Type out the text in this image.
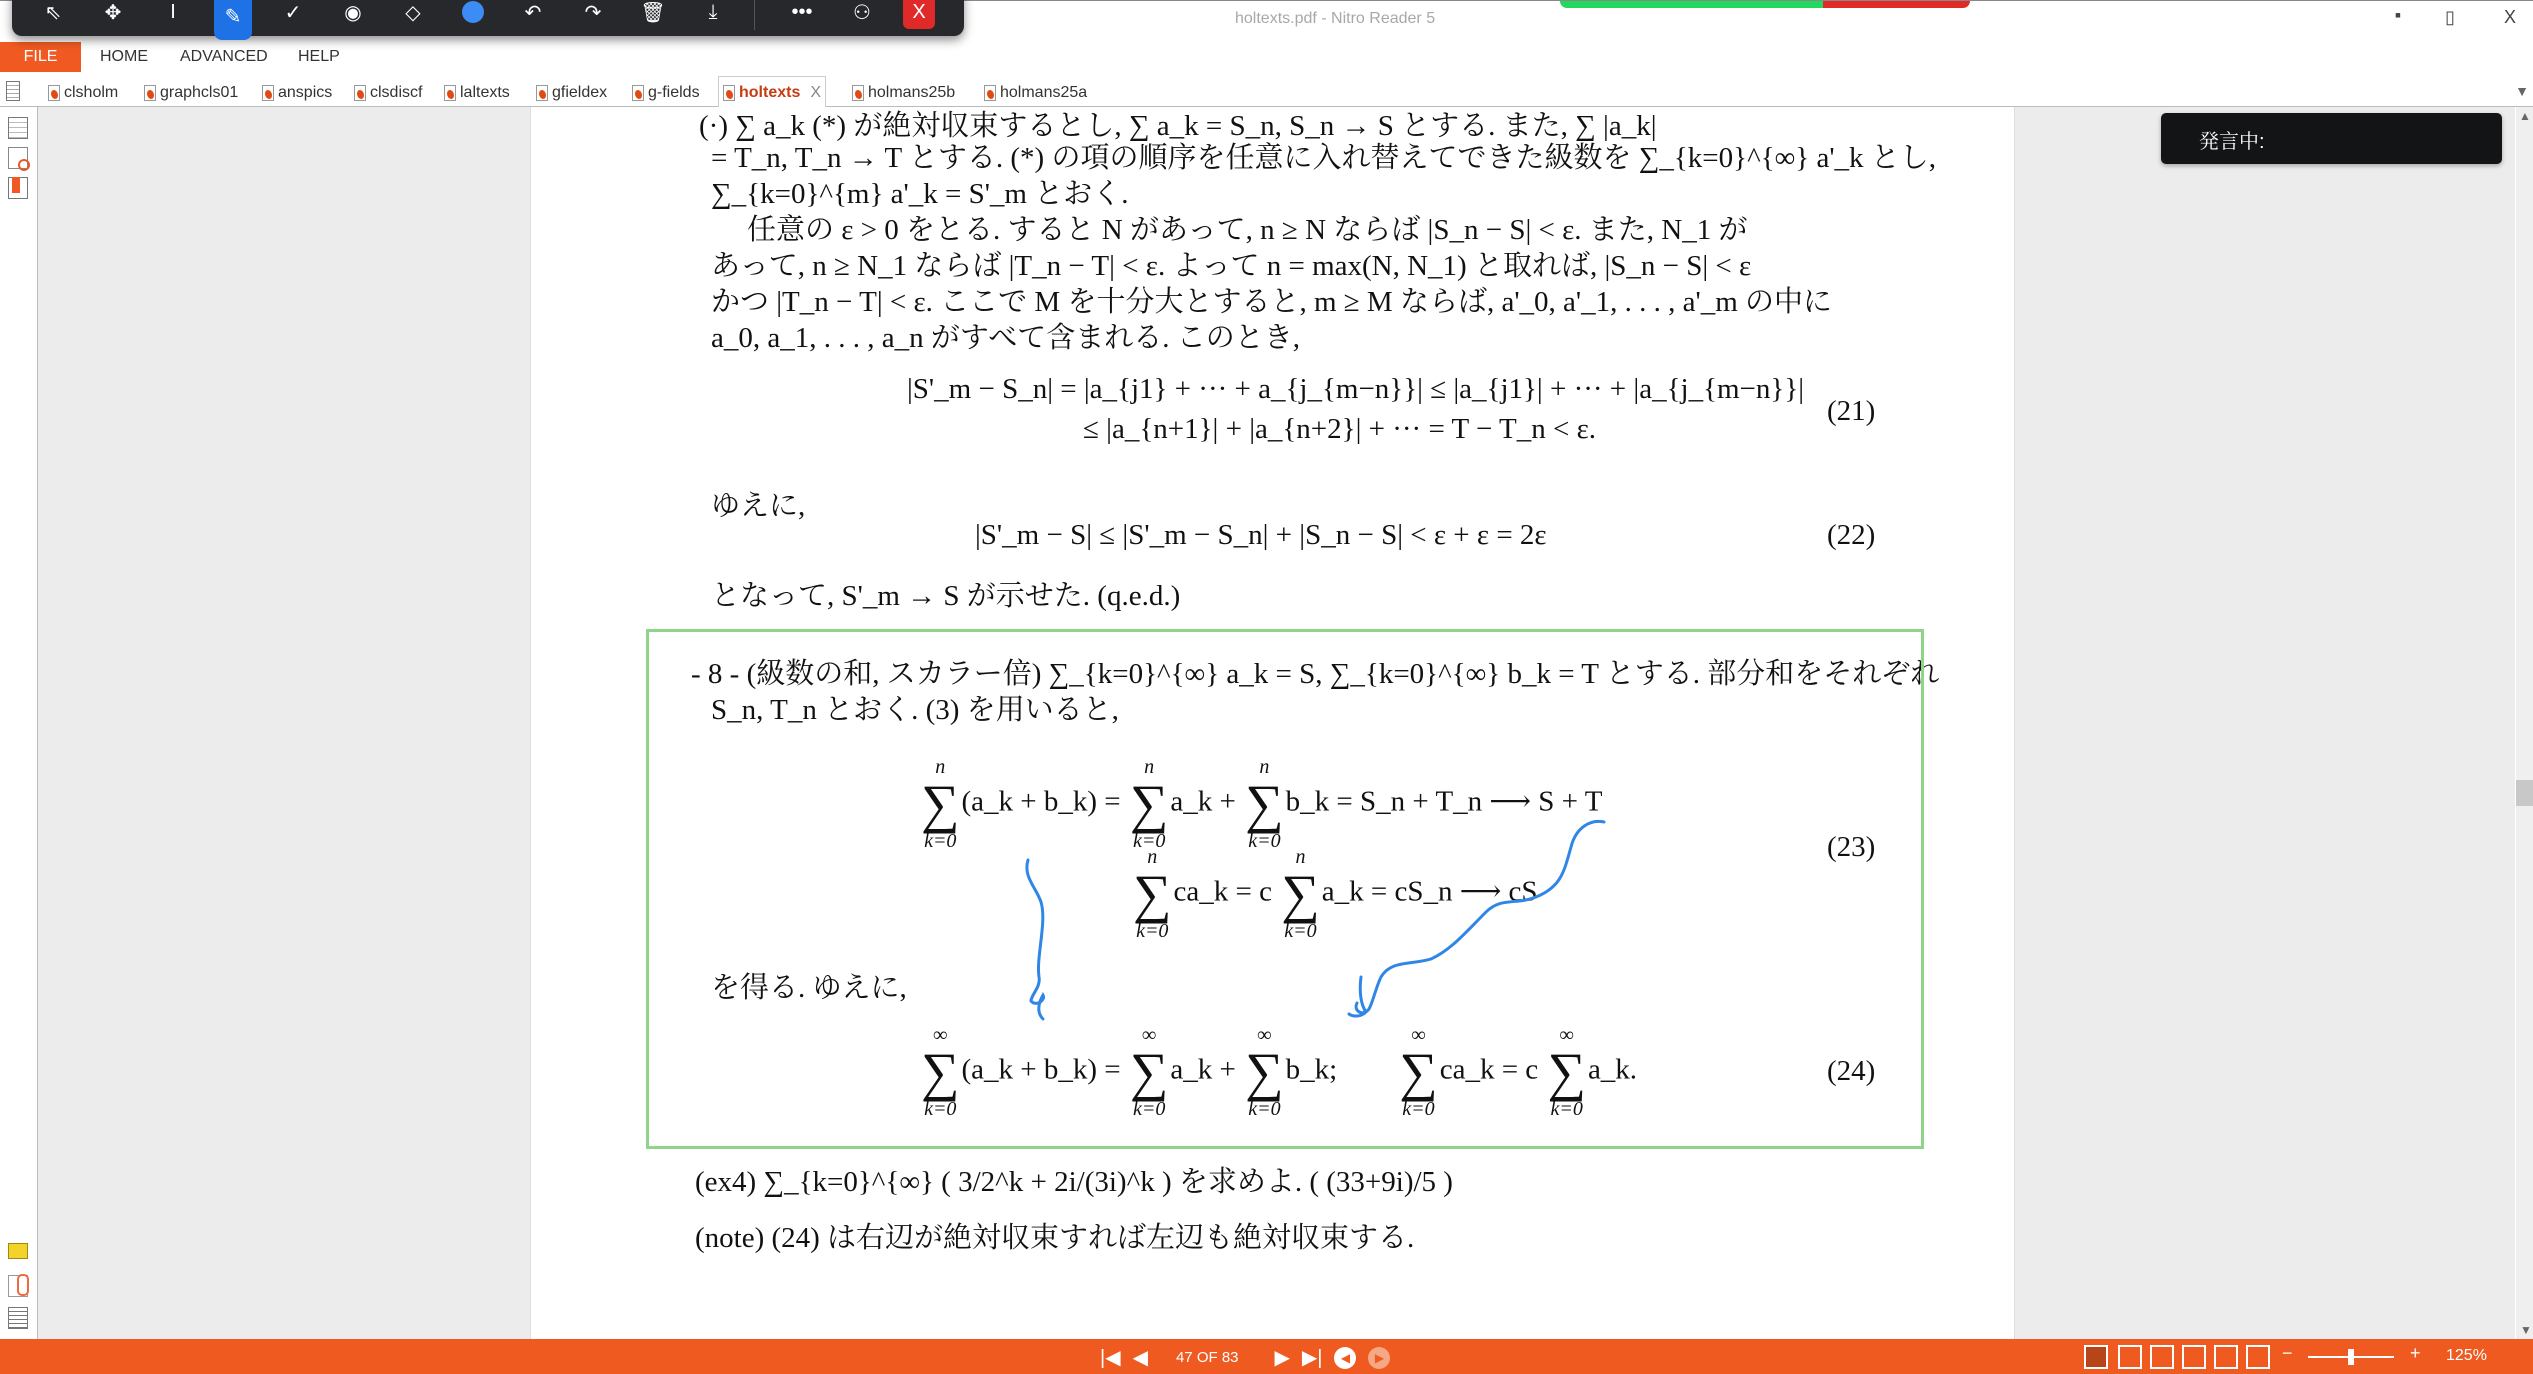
holtexts.pdf - Nitro Reader 5	▪	▯	X
⇖	✥	I	✎	✓	◉	◇	↶	↷	🗑	⤓	•••	⚇	X
FILE	HOME ADVANCED HELP
clsholm	graphcls01 anspics clsdiscf laltexts	gfieldex	g-fields holtexts X	holmans25b	holmans25a	▼
(·) ∑ a_k (*) が絶対収束するとし, ∑ a_k = S_n, S_n → S とする. また, ∑ |a_k|
= T_n, T_n → T とする. (*) の項の順序を任意に入れ替えてできた級数を ∑_{k=0}^{∞} a'_k とし,
∑_{k=0}^{m} a'_k = S'_m とおく.
任意の ε > 0 をとる. すると N があって, n ≥ N ならば |S_n − S| < ε. また, N_1 が
あって, n ≥ N_1 ならば |T_n − T| < ε. よって n = max(N, N_1) と取れば, |S_n − S| < ε
かつ |T_n − T| < ε. ここで M を十分大とすると, m ≥ M ならば, a'_0, a'_1, . . . , a'_m の中に
a_0, a_1, . . . , a_n がすべて含まれる. このとき,
|S'_m − S_n| = |a_{j1} + ··· + a_{j_{m−n}}| ≤ |a_{j1}| + ··· + |a_{j_{m−n}}|
≤ |a_{n+1}| + |a_{n+2}| + ··· = T − T_n < ε.
(21)
ゆえに,
|S'_m − S| ≤ |S'_m − S_n| + |S_n − S| < ε + ε = 2ε	(22)
となって, S'_m → S が示せた. (q.e.d.)
- 8 - (級数の和, スカラー倍) ∑_{k=0}^{∞} a_k = S, ∑_{k=0}^{∞} b_k = T とする. 部分和をそれぞれ
S_n, T_n とおく. (3) を用いると,
n
∑
k=0
(a_k + b_k) =
n
∑
k=0
a_k +
n
∑
k=0
b_k = S_n + T_n ⟶ S + T
n
∑
k=0
ca_k = c
n
∑
k=0
a_k = cS_n ⟶ cS
(23)
を得る. ゆえに,
∞
∑
k=0
(a_k + b_k) =
∞
∑
k=0
a_k +
∞
∑
k=0
b_k;
∞
∑
k=0
ca_k = c
∞
∑
k=0
a_k.	(24)
(ex4) ∑_{k=0}^{∞} ( 3/2^k + 2i/(3i)^k ) を求めよ. ( (33+9i)/5 )
(note) (24) は右辺が絶対収束すれば左辺も絶対収束する.
発言中:
▲
▼
|◀ ◀ 47 OF 83 ▶ ▶|	◀	▶	−	+ 125%
